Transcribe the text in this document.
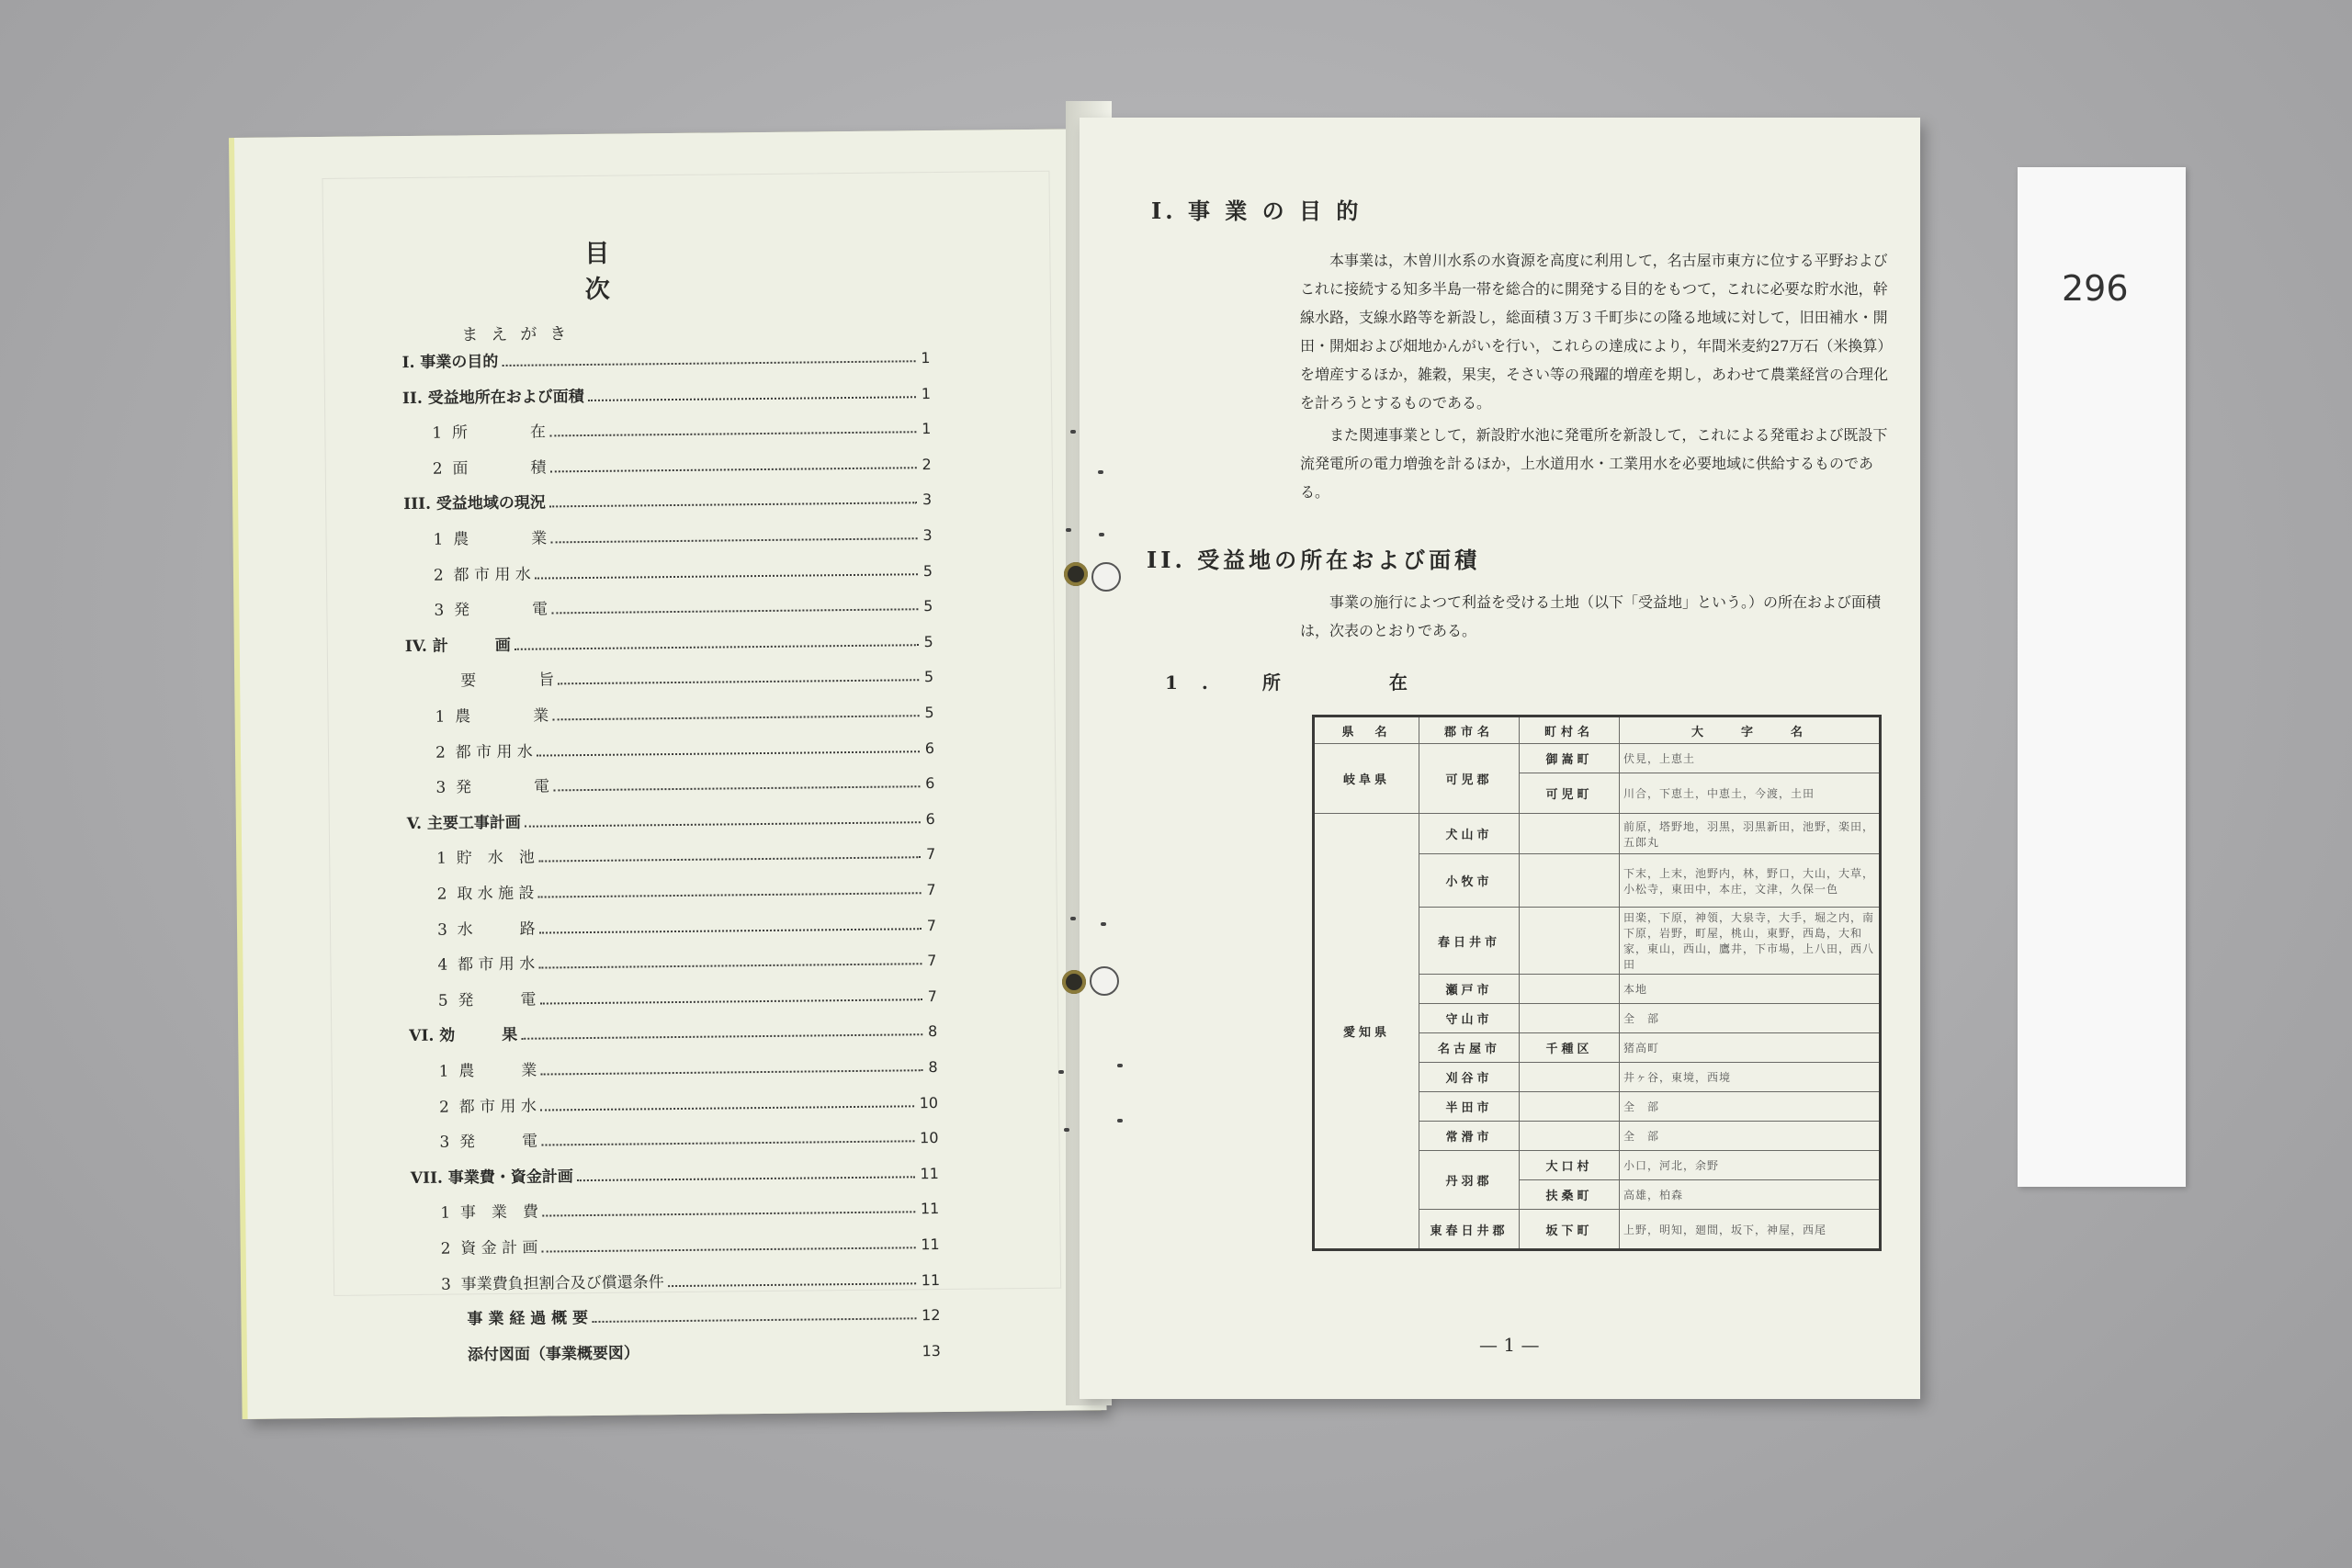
目　次
まえがき
I. 事業の目的	1
II. 受益地所在および面積	1
1  所　　　　在	1
2  面　　　　積	2
III. 受益地域の現況	3
1  農　　　　業	3
2  都 市 用 水	5
3  発　　　　電	5
IV. 計　　　画	5
要　　　　旨	5
1  農　　　　業	5
2  都 市 用 水	6
3  発　　　　電	6
V. 主要工事計画	6
1  貯　水　池	7
2  取 水 施 設	7
3  水　　　路	7
4  都 市 用 水	7
5  発　　　電	7
VI. 効　　　果	8
1  農　　　業	8
2  都 市 用 水	10
3  発　　　電	10
VII. 事業費・資金計画	11
1  事　業　費	11
2  資 金 計 画	11
3  事業費負担割合及び償還条件	11
事 業 経 過 概 要	12
添付図面（事業概要図）	13
I. 事 業 の 目 的
本事業は，木曽川水系の水資源を高度に利用して，名古屋市東方に位する平野およびこれに接続する知多半島一帯を総合的に開発する目的をもつて，これに必要な貯水池，幹線水路，支線水路等を新設し，総面積３万３千町歩にの隆る地域に対して，旧田補水・開田・開畑および畑地かんがいを行い，これらの達成により，年間米麦約27万石（米換算）を増産するほか，雑穀，果実，そさい等の飛躍的増産を期し，あわせて農業経営の合理化を計ろうとするものである。
また関連事業として，新設貯水池に発電所を新設して，これによる発電および既設下流発電所の電力増強を計るほか，上水道用水・工業用水を必要地域に供給するものである。
II. 受益地の所在および面積
事業の施行によつて利益を受ける土地（以下「受益地」という。）の所在および面積は，次表のとおりである。
1. 所　　在
県　名	郡市名	町村名	大　　字　　名
岐阜県	可児郡	御嵩町	伏見，上恵土
		可児町	川合，下恵土，中恵土，今渡，土田
愛知県	犬山市		前原，塔野地，羽黒，羽黒新田，池野，楽田，五郎丸
	小牧市		下末，上末，池野内，林，野口，大山，大草，小松寺，東田中，本庄，文津，久保一色
	春日井市		田楽，下原，神領，大泉寺，大手，堀之内，南下原，岩野，町屋，桃山，東野，西島，大和家，東山，西山，鷹井，下市場，上八田，西八田
	瀬戸市		本地
	守山市		全　部
	名古屋市	千種区	猪高町
	刈谷市		井ヶ谷，東境，西境
	半田市		全　部
	常滑市		全　部
	丹羽郡	大口村	小口，河北，余野
		扶桑町	高雄，柏森
	東春日井郡	坂下町	上野，明知，廻間，坂下，神屋，西尾
— 1 —
296
